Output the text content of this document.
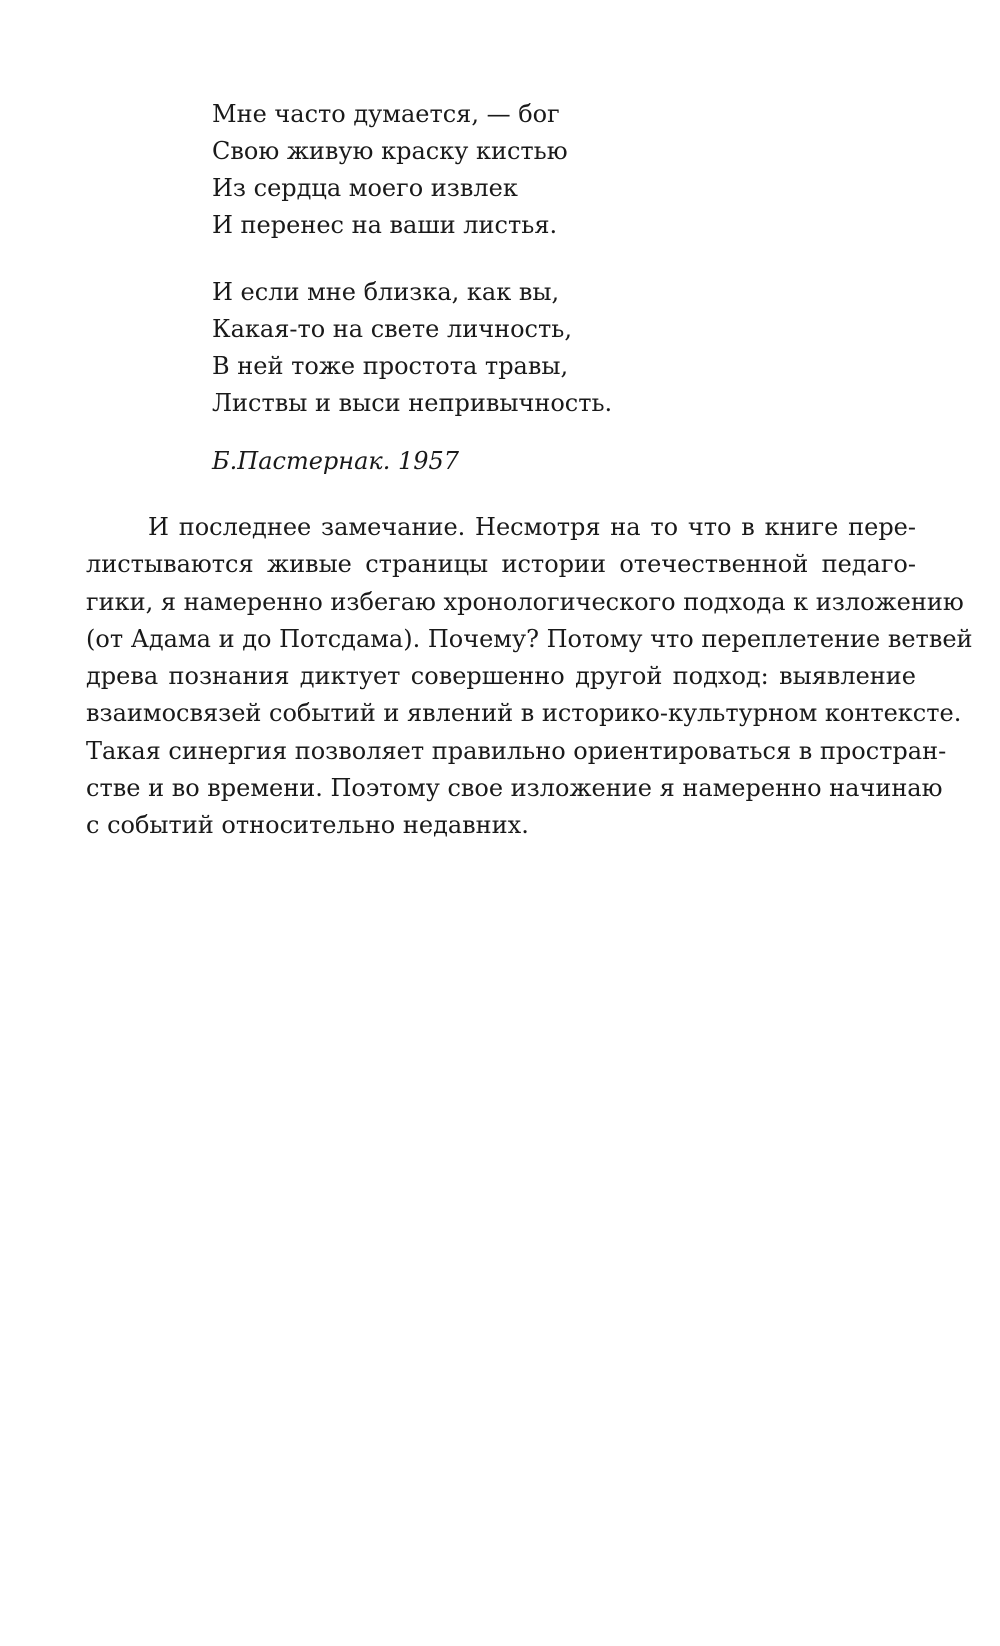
Мне часто думается, — бог
Свою живую краску кистью
Из сердца моего извлек
И перенес на ваши листья.
И если мне близка, как вы,
Какая-то на свете личность,
В ней тоже простота травы,
Листвы и выси непривычность.
Б.Пастернак. 1957
И последнее замечание. Несмотря на то что в книге пере-
листываются живые страницы истории отечественной педаго-
гики, я намеренно избегаю хронологического подхода к изложению
(от Адама и до Потсдама). Почему? Потому что переплетение ветвей
древа познания диктует совершенно другой подход: выявление
взаимосвязей событий и явлений в историко-культурном контексте.
Такая синергия позволяет правильно ориентироваться в простран-
стве и во времени. Поэтому свое изложение я намеренно начинаю
с событий относительно недавних.
